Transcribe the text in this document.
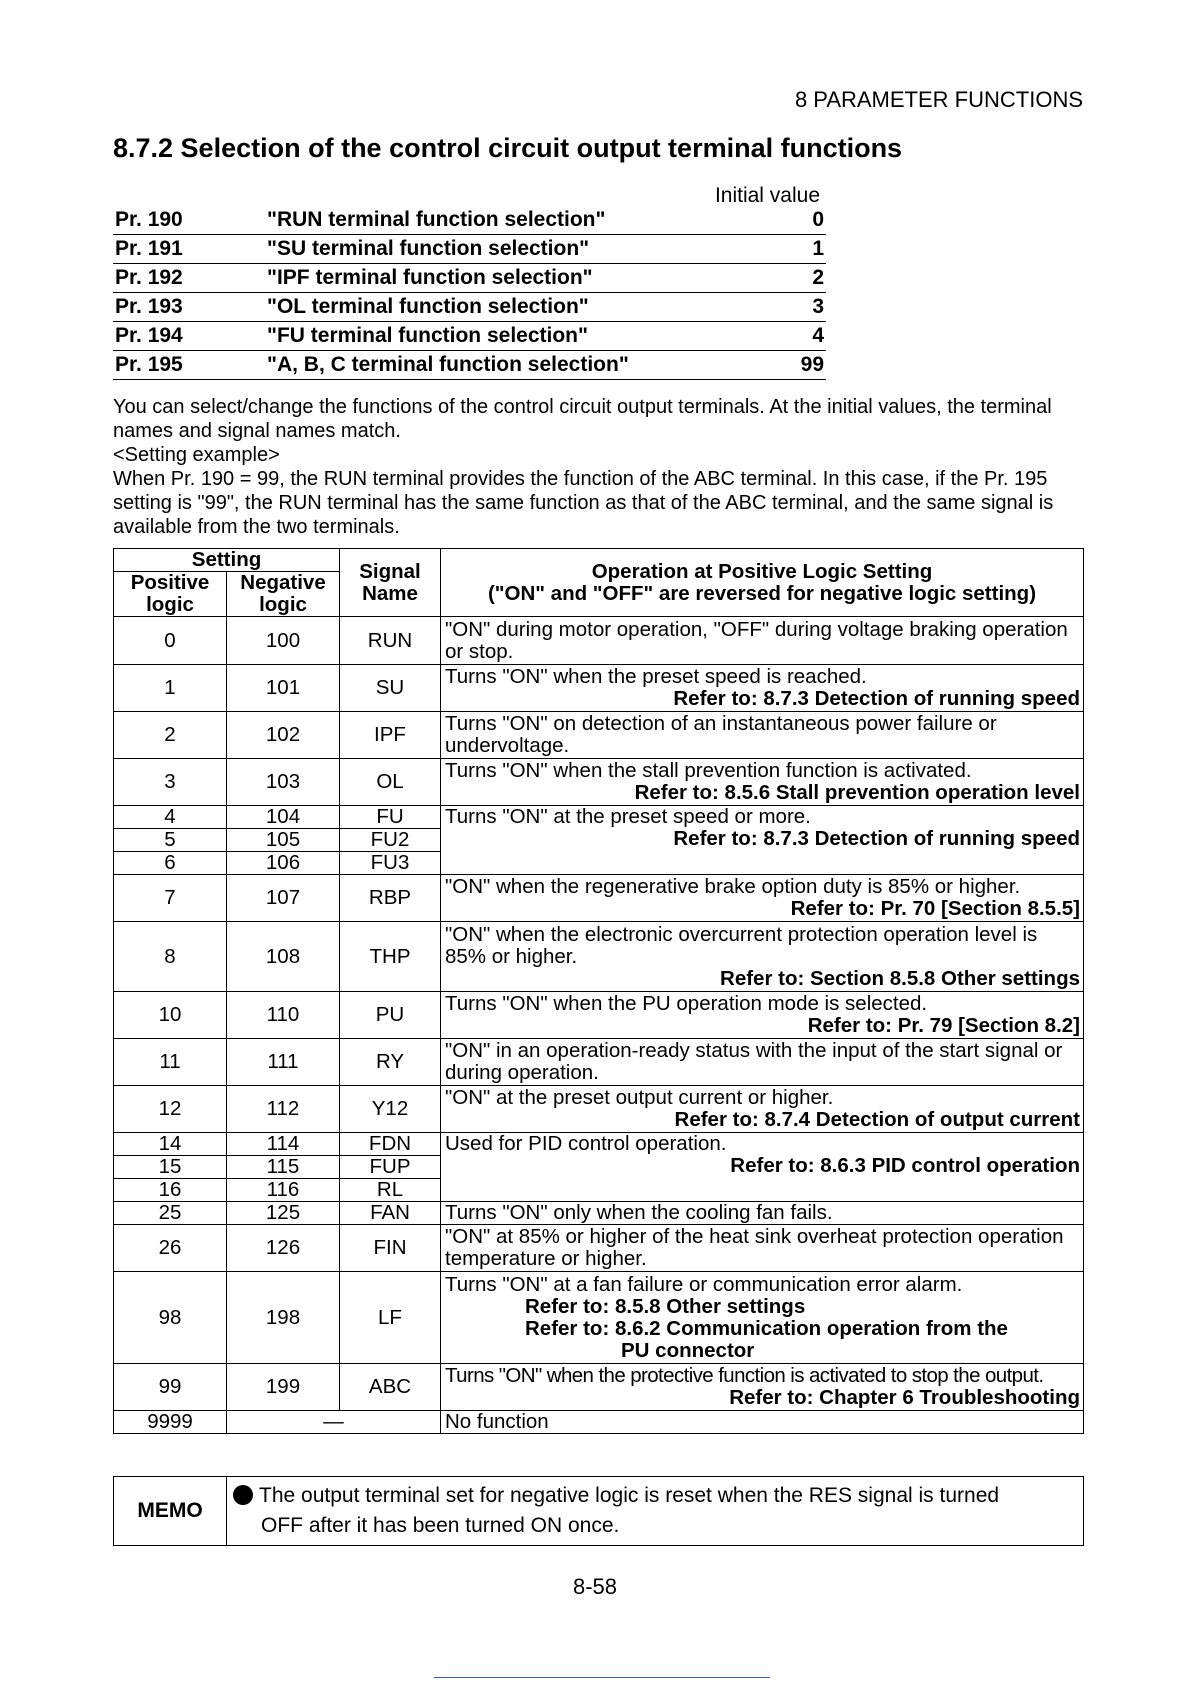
8 PARAMETER FUNCTIONS
8.7.2 Selection of the control circuit output terminal functions
Initial value
Pr. 190	"RUN terminal function selection"	0
Pr. 191	"SU terminal function selection"	1
Pr. 192	"IPF terminal function selection"	2
Pr. 193	"OL terminal function selection"	3
Pr. 194	"FU terminal function selection"	4
Pr. 195	"A, B, C terminal function selection"	99

You can select/change the functions of the control circuit output terminals. At the initial values, the terminal names and signal names match.

<Setting example>

When Pr. 190 = 99, the RUN terminal provides the function of the ABC terminal. In this case, if the Pr. 195 setting is "99", the RUN terminal has the same function as that of the ABC terminal, and the same signal is available from the two terminals.

Setting		Signal Name	Operation at Positive Logic Setting
("ON" and "OFF" are reversed for negative logic setting)

Positive logic	Negative logic		
0	100	RUN	"ON" during motor operation, "OFF" during voltage braking operation or stop.
1	101	SU	Turns "ON" when the preset speed is reached.
Refer to: 8.7.3 Detection of running speed

2	102	IPF	Turns "ON" on detection of an instantaneous power failure or undervoltage.
3	103	OL	Turns "ON" when the stall prevention function is activated.
Refer to: 8.5.6 Stall prevention operation level

4	104	FU	Turns "ON" at the preset speed or more.
Refer to: 8.7.3 Detection of running speed

5	105	FU2	
6	106	FU3	
7	107	RBP	"ON" when the regenerative brake option duty is 85% or higher.
Refer to: Pr. 70 [Section 8.5.5]

8	108	THP	"ON" when the electronic overcurrent protection operation level is 85% or higher.
Refer to: Section 8.5.8 Other settings

10	110	PU	Turns "ON" when the PU operation mode is selected.
Refer to: Pr. 79 [Section 8.2]

11	111	RY	"ON" in an operation-ready status with the input of the start signal or during operation.
12	112	Y12	"ON" at the preset output current or higher.
Refer to: 8.7.4 Detection of output current

14	114	FDN	Used for PID control operation.
Refer to: 8.6.3 PID control operation

15	115	FUP	
16	116	RL	
25	125	FAN	Turns "ON" only when the cooling fan fails.
26	126	FIN	"ON" at 85% or higher of the heat sink overheat protection operation temperature or higher.
98	198	LF	Turns "ON" at a fan failure or communication error alarm.
Refer to: 8.5.8 Other settings
Refer to: 8.6.2 Communication operation from the
PU connector

99	199	ABC	Turns "ON" when the protective function is activated to stop the output.
Refer to: Chapter 6 Troubleshooting

9999	—		No function
MEMO	
The output terminal set for negative logic is reset when the RES signal is turned
OFF after it has been turned ON once.
8-58
